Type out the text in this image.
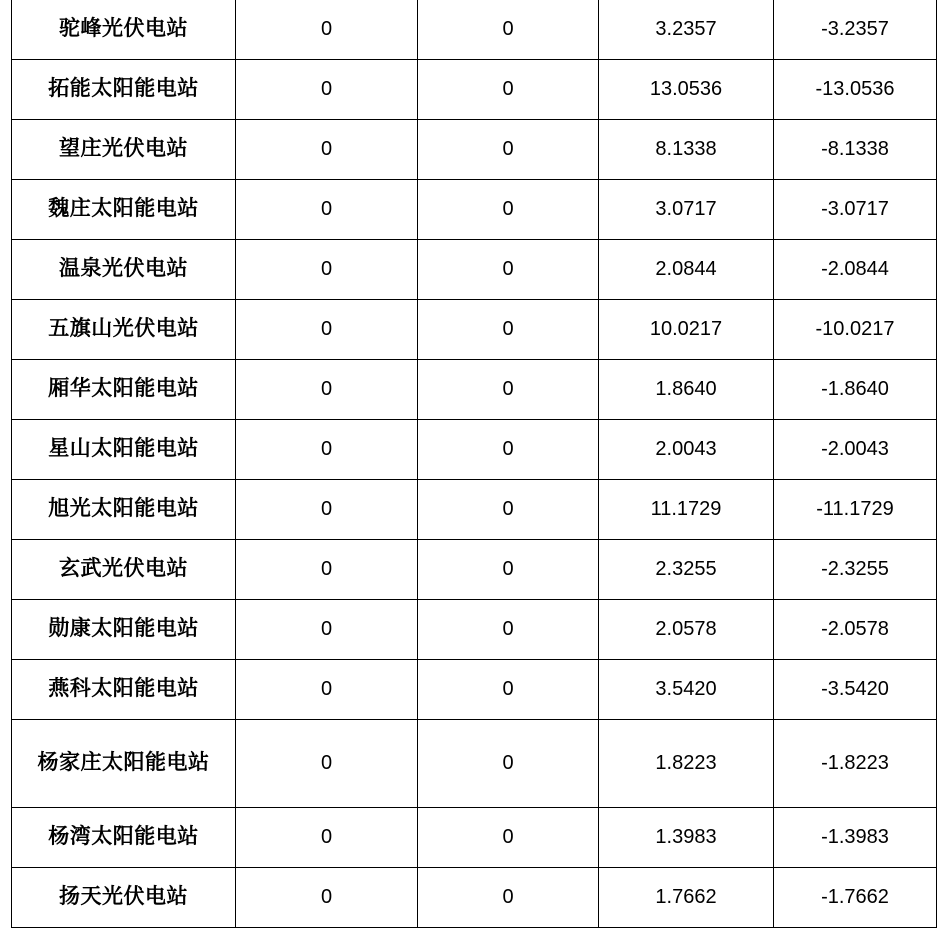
驼峰光伏电站	0	0	3.2357	-3.2357
拓能太阳能电站	0	0	13.0536	-13.0536
望庄光伏电站	0	0	8.1338	-8.1338
魏庄太阳能电站	0	0	3.0717	-3.0717
温泉光伏电站	0	0	2.0844	-2.0844
五旗山光伏电站	0	0	10.0217	-10.0217
厢华太阳能电站	0	0	1.8640	-1.8640
星山太阳能电站	0	0	2.0043	-2.0043
旭光太阳能电站	0	0	11.1729	-11.1729
玄武光伏电站	0	0	2.3255	-2.3255
勋康太阳能电站	0	0	2.0578	-2.0578
燕科太阳能电站	0	0	3.5420	-3.5420
杨家庄太阳能电站	0	0	1.8223	-1.8223
杨湾太阳能电站	0	0	1.3983	-1.3983
扬天光伏电站	0	0	1.7662	-1.7662
